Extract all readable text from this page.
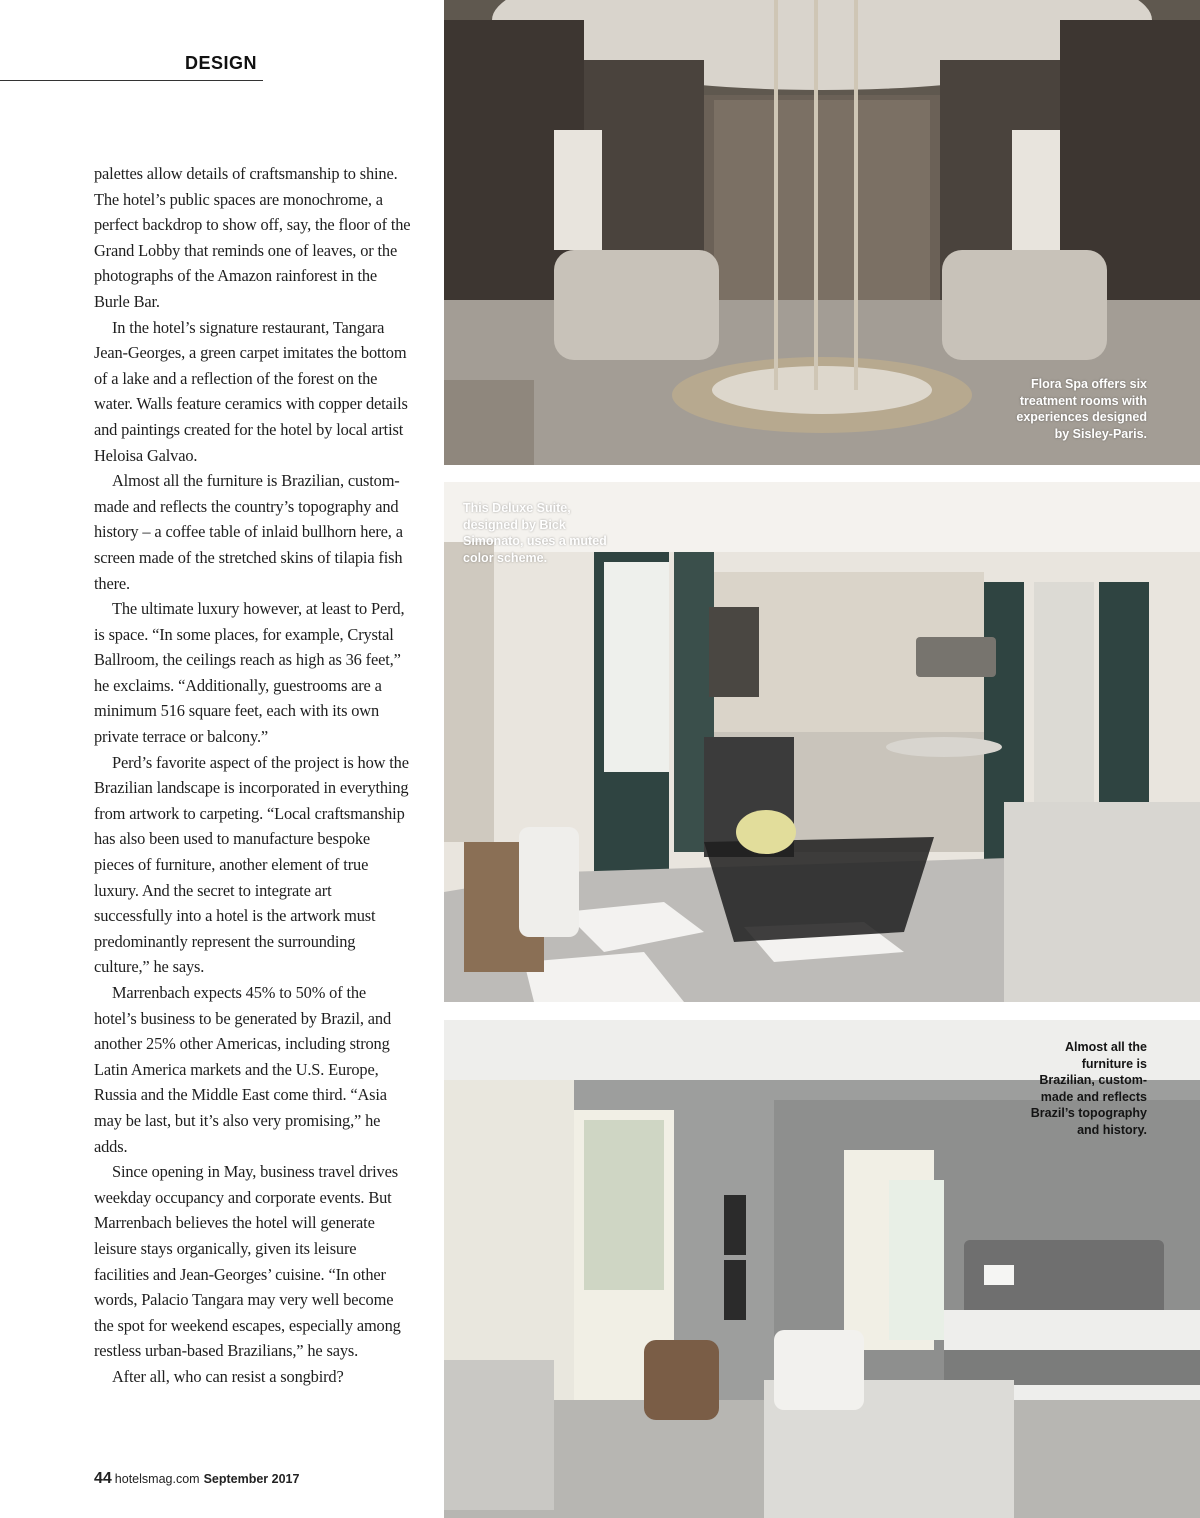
DESIGN

palettes allow details of craftsmanship to shine. The hotel’s public spaces are monochrome, a perfect backdrop to show off, say, the floor of the Grand Lobby that reminds one of leaves, or the photographs of the Amazon rainforest in the Burle Bar.

In the hotel’s signature restaurant, Tangara Jean-Georges, a green carpet imitates the bottom of a lake and a reflection of the forest on the water. Walls feature ceramics with copper details and paintings created for the hotel by local artist Heloisa Galvao.

Almost all the furniture is Brazilian, custom-made and reflects the country’s topography and history – a coffee table of inlaid bullhorn here, a screen made of the stretched skins of tilapia fish there.

The ultimate luxury however, at least to Perd, is space. “In some places, for example, Crystal Ballroom, the ceilings reach as high as 36 feet,” he exclaims. “Additionally, guestrooms are a minimum 516 square feet, each with its own private terrace or balcony.”

Perd’s favorite aspect of the project is how the Brazilian landscape is incorporated in everything from artwork to carpeting. “Local craftsmanship has also been used to manufacture bespoke pieces of furniture, another element of true luxury. And the secret to integrate art successfully into a hotel is the artwork must predominantly represent the surrounding culture,” he says.

Marrenbach expects 45% to 50% of the hotel’s business to be generated by Brazil, and another 25% other Americas, including strong Latin America markets and the U.S. Europe, Russia and the Middle East come third. “Asia may be last, but it’s also very promising,” he adds.

Since opening in May, business travel drives weekday occupancy and corporate events. But Marrenbach believes the hotel will generate leisure stays organically, given its leisure facilities and Jean-Georges’ cuisine. “In other words, Palacio Tangara may very well become the spot for weekend escapes, especially among restless urban-based Brazilians,” he says.

After all, who can resist a songbird?

44 hotelsmag.com September 2017
Flora Spa offers six
treatment rooms with
experiences designed
by Sisley-Paris.
This Deluxe Suite,
designed by Bick
Simonato, uses a muted
color scheme.
Almost all the
furniture is
Brazilian, custom-
made and reflects
Brazil’s topography
and history.
